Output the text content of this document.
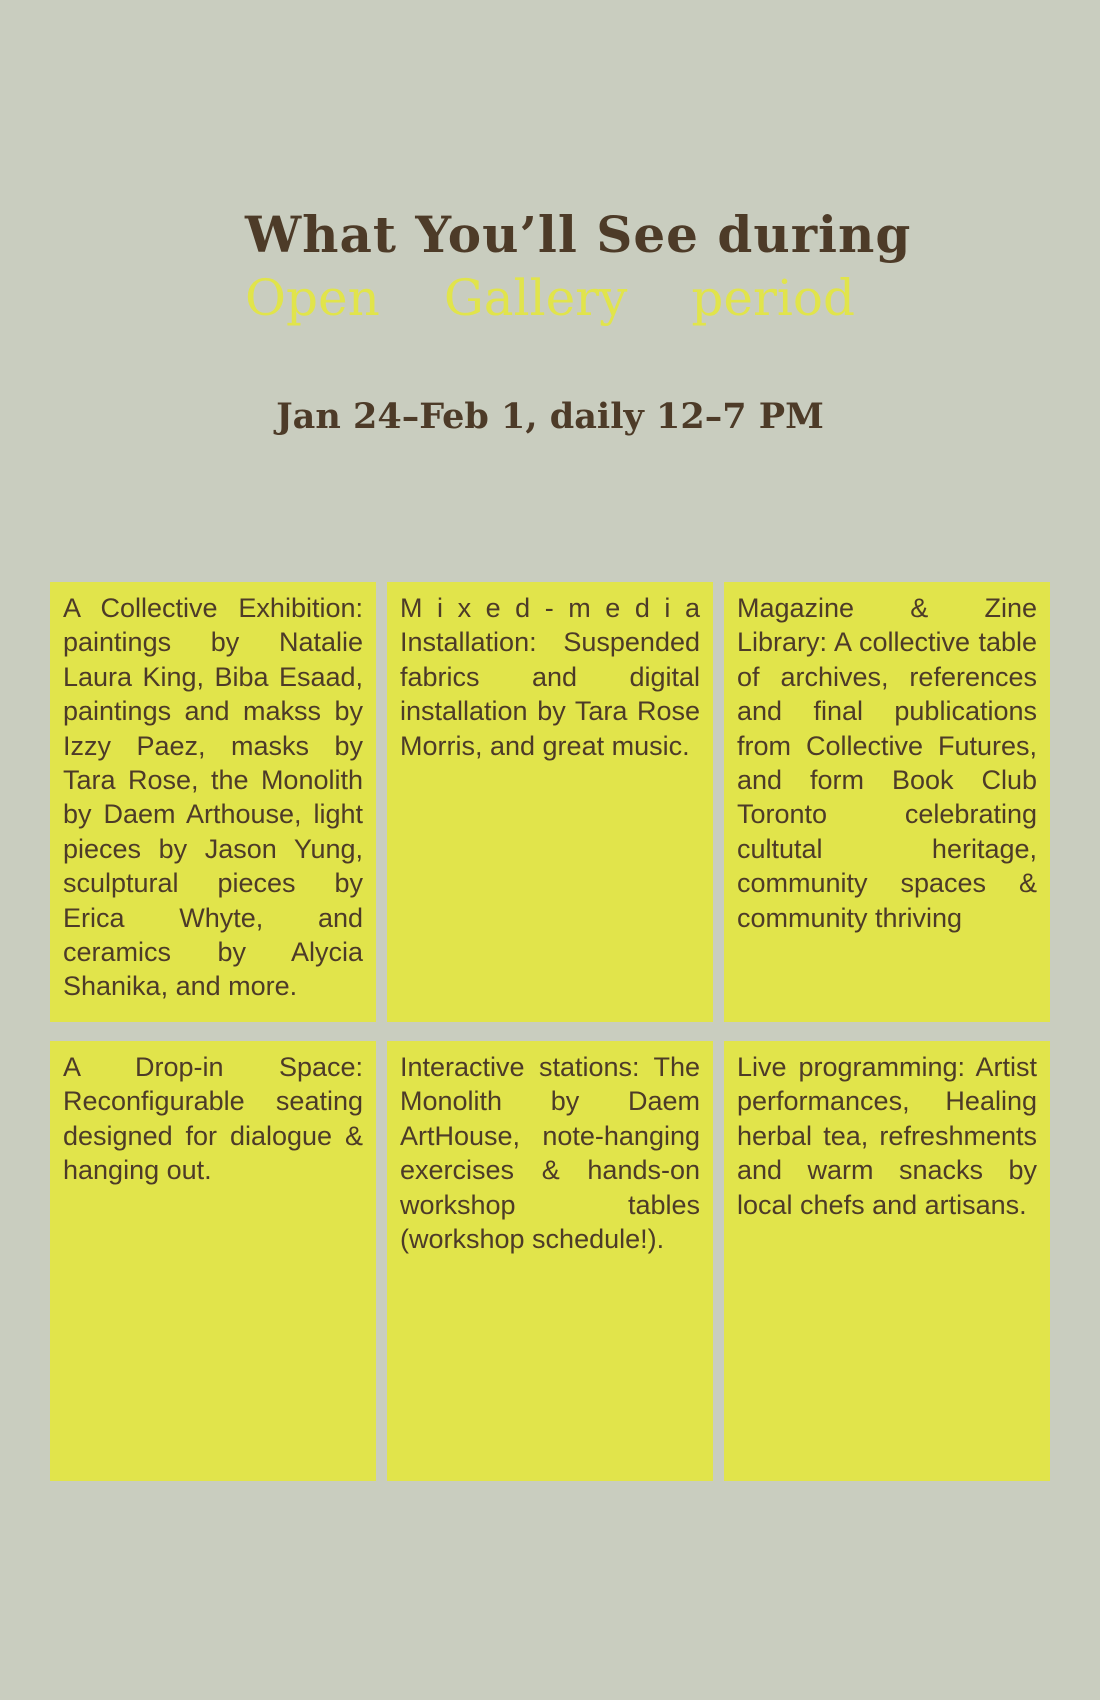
What You’ll See during
Open Gallery period
Jan 24–Feb 1, daily 12–7 PM

A Collective Exhibition: paintings by Natalie Laura King, Biba Esaad, paintings and makss by Izzy Paez, masks by Tara Rose, the Monolith by Daem Arthouse, light pieces by Jason Yung, sculptural pieces by Erica Whyte, and ceramics by Alycia Shanika, and more.

M i x e d - m e d i a Installation: Suspended fabrics and digital installation by Tara Rose Morris, and great music.

Magazine & Zine Library: A collective table of archives, references and final publications from Collective Futures, and form Book Club Toronto celebrating cultutal heritage, community spaces & community thriving

A Drop-in Space: Reconfigurable seating designed for dialogue & hanging out.

Interactive stations: The Monolith by Daem ArtHouse, note-hanging exercises & hands-on workshop tables (workshop schedule!).

Live programming: Artist performances, Healing herbal tea, refreshments and warm snacks by local chefs and artisans.
